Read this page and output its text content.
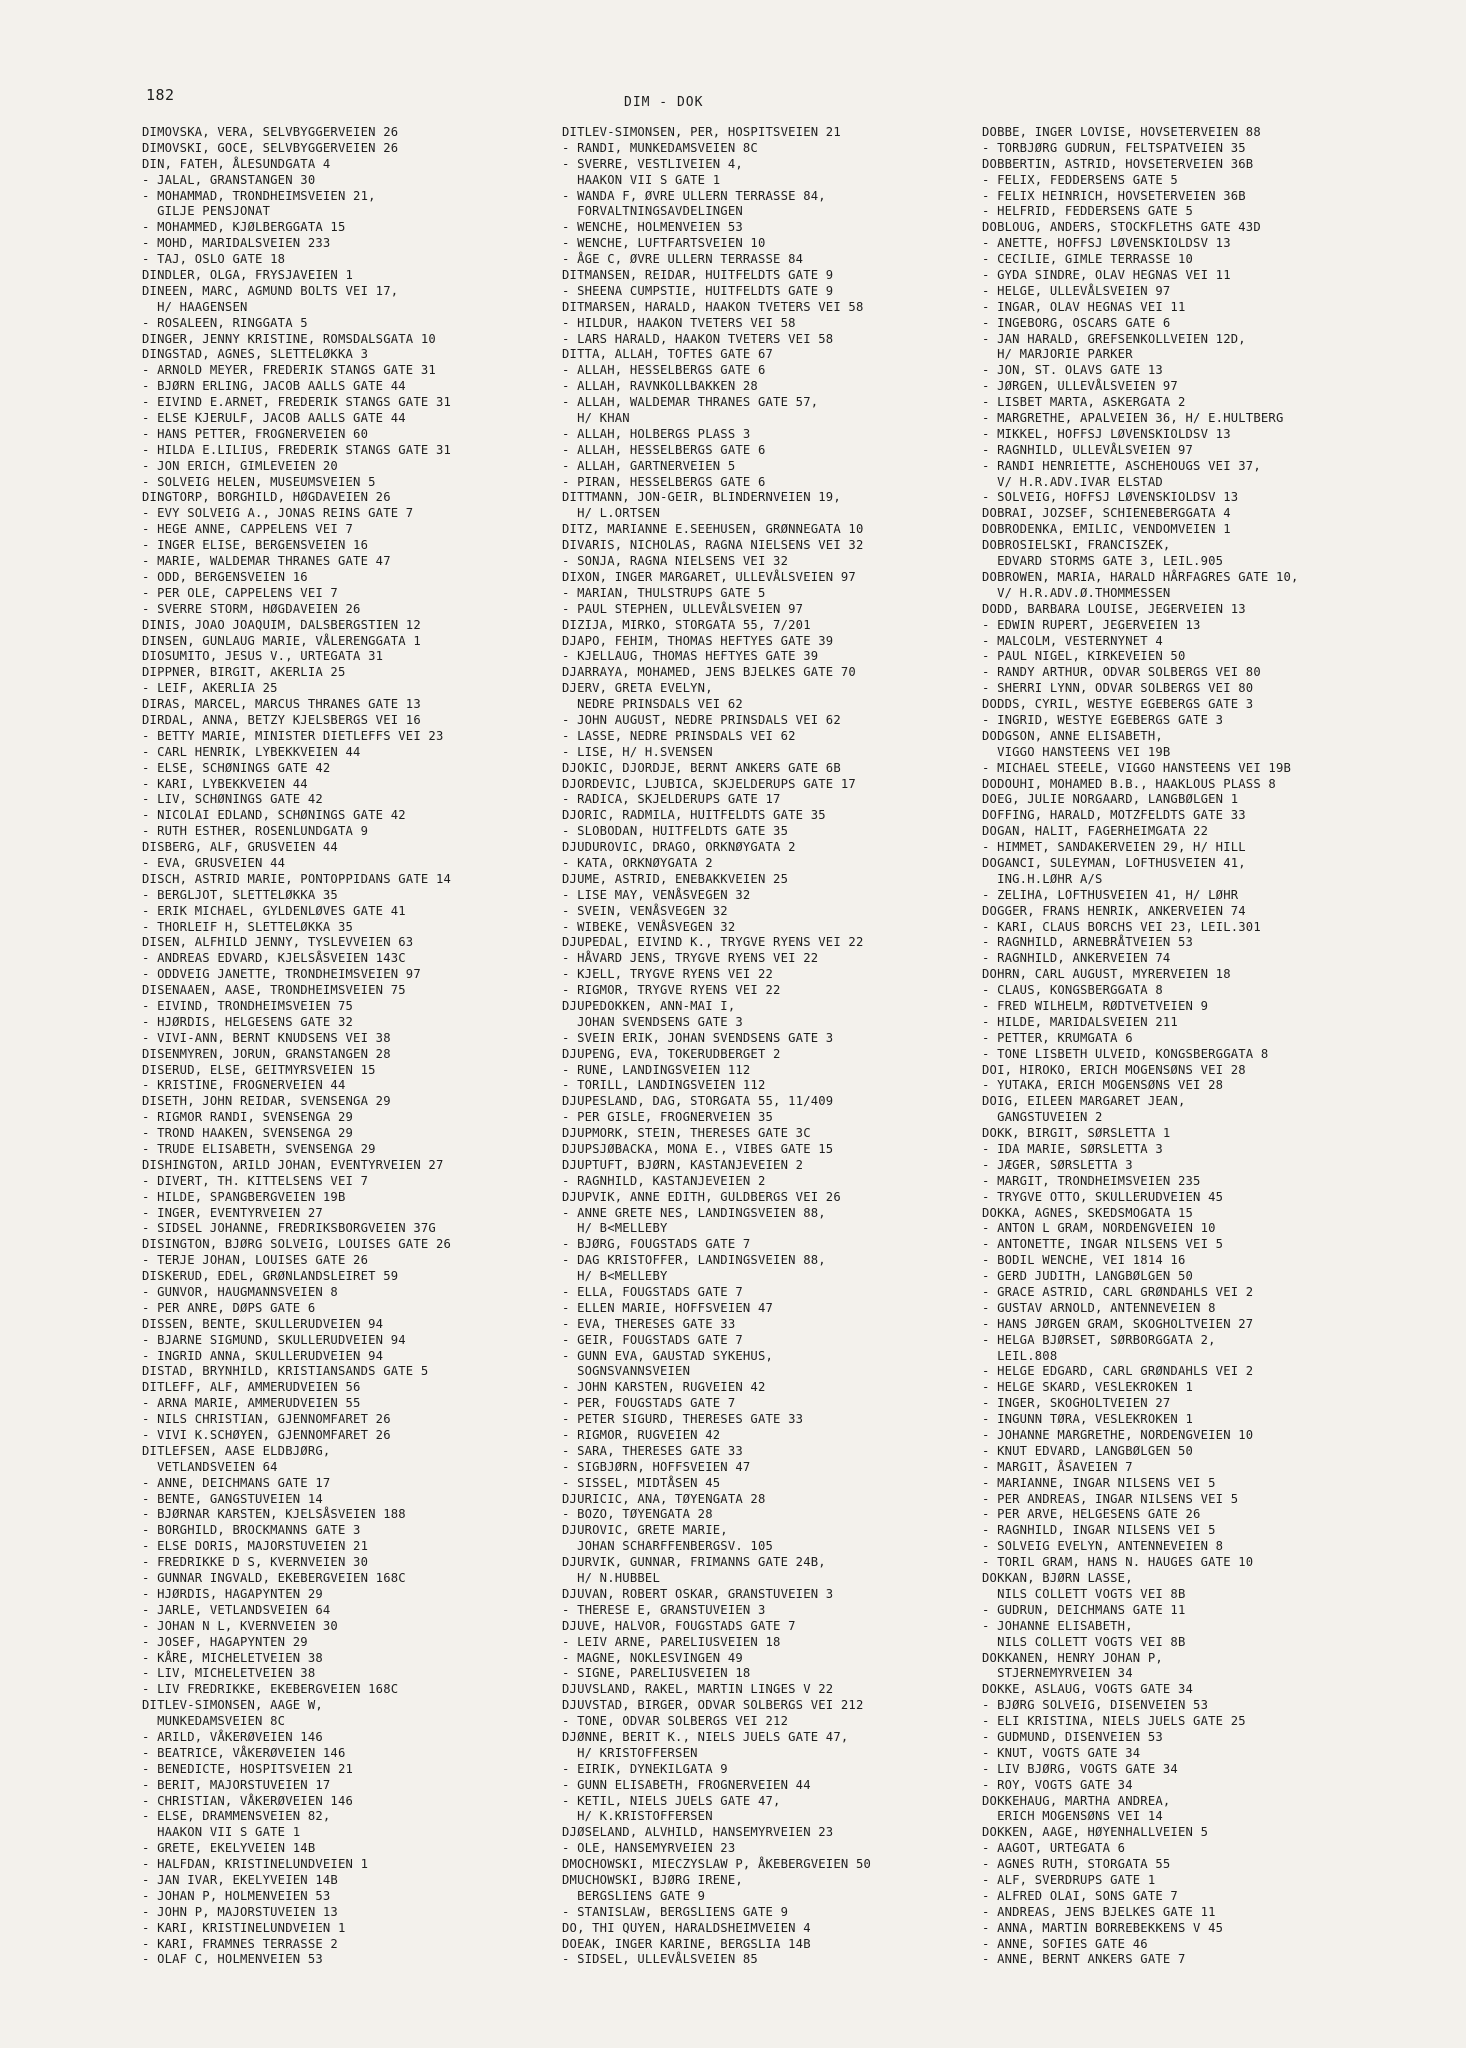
182	DIM - DOK
DIMOVSKA, VERA, SELVBYGGERVEIEN 26
DIMOVSKI, GOCE, SELVBYGGERVEIEN 26
DIN, FATEH, ÅLESUNDGATA 4
- JALAL, GRANSTANGEN 30
- MOHAMMAD, TRONDHEIMSVEIEN 21,
GILJE PENSJONAT
- MOHAMMED, KJØLBERGGATA 15
- MOHD, MARIDALSVEIEN 233
- TAJ, OSLO GATE 18
DINDLER, OLGA, FRYSJAVEIEN 1
DINEEN, MARC, AGMUND BOLTS VEI 17,
H/ HAAGENSEN
- ROSALEEN, RINGGATA 5
DINGER, JENNY KRISTINE, ROMSDALSGATA 10
DINGSTAD, AGNES, SLETTELØKKA 3
- ARNOLD MEYER, FREDERIK STANGS GATE 31
- BJØRN ERLING, JACOB AALLS GATE 44
- EIVIND E.ARNET, FREDERIK STANGS GATE 31
- ELSE KJERULF, JACOB AALLS GATE 44
- HANS PETTER, FROGNERVEIEN 60
- HILDA E.LILIUS, FREDERIK STANGS GATE 31
- JON ERICH, GIMLEVEIEN 20
- SOLVEIG HELEN, MUSEUMSVEIEN 5
DINGTORP, BORGHILD, HØGDAVEIEN 26
- EVY SOLVEIG A., JONAS REINS GATE 7
- HEGE ANNE, CAPPELENS VEI 7
- INGER ELISE, BERGENSVEIEN 16
- MARIE, WALDEMAR THRANES GATE 47
- ODD, BERGENSVEIEN 16
- PER OLE, CAPPELENS VEI 7
- SVERRE STORM, HØGDAVEIEN 26
DINIS, JOAO JOAQUIM, DALSBERGSTIEN 12
DINSEN, GUNLAUG MARIE, VÅLERENGGATA 1
DIOSUMITO, JESUS V., URTEGATA 31
DIPPNER, BIRGIT, AKERLIA 25
- LEIF, AKERLIA 25
DIRAS, MARCEL, MARCUS THRANES GATE 13
DIRDAL, ANNA, BETZY KJELSBERGS VEI 16
- BETTY MARIE, MINISTER DIETLEFFS VEI 23
- CARL HENRIK, LYBEKKVEIEN 44
- ELSE, SCHØNINGS GATE 42
- KARI, LYBEKKVEIEN 44
- LIV, SCHØNINGS GATE 42
- NICOLAI EDLAND, SCHØNINGS GATE 42
- RUTH ESTHER, ROSENLUNDGATA 9
DISBERG, ALF, GRUSVEIEN 44
- EVA, GRUSVEIEN 44
DISCH, ASTRID MARIE, PONTOPPIDANS GATE 14
- BERGLJOT, SLETTELØKKA 35
- ERIK MICHAEL, GYLDENLØVES GATE 41
- THORLEIF H, SLETTELØKKA 35
DISEN, ALFHILD JENNY, TYSLEVVEIEN 63
- ANDREAS EDVARD, KJELSÅSVEIEN 143C
- ODDVEIG JANETTE, TRONDHEIMSVEIEN 97
DISENAAEN, AASE, TRONDHEIMSVEIEN 75
- EIVIND, TRONDHEIMSVEIEN 75
- HJØRDIS, HELGESENS GATE 32
- VIVI-ANN, BERNT KNUDSENS VEI 38
DISENMYREN, JORUN, GRANSTANGEN 28
DISERUD, ELSE, GEITMYRSVEIEN 15
- KRISTINE, FROGNERVEIEN 44
DISETH, JOHN REIDAR, SVENSENGA 29
- RIGMOR RANDI, SVENSENGA 29
- TROND HAAKEN, SVENSENGA 29
- TRUDE ELISABETH, SVENSENGA 29
DISHINGTON, ARILD JOHAN, EVENTYRVEIEN 27
- DIVERT, TH. KITTELSENS VEI 7
- HILDE, SPANGBERGVEIEN 19B
- INGER, EVENTYRVEIEN 27
- SIDSEL JOHANNE, FREDRIKSBORGVEIEN 37G
DISINGTON, BJØRG SOLVEIG, LOUISES GATE 26
- TERJE JOHAN, LOUISES GATE 26
DISKERUD, EDEL, GRØNLANDSLEIRET 59
- GUNVOR, HAUGMANNSVEIEN 8
- PER ANRE, DØPS GATE 6
DISSEN, BENTE, SKULLERUDVEIEN 94
- BJARNE SIGMUND, SKULLERUDVEIEN 94
- INGRID ANNA, SKULLERUDVEIEN 94
DISTAD, BRYNHILD, KRISTIANSANDS GATE 5
DITLEFF, ALF, AMMERUDVEIEN 56
- ARNA MARIE, AMMERUDVEIEN 55
- NILS CHRISTIAN, GJENNOMFARET 26
- VIVI K.SCHØYEN, GJENNOMFARET 26
DITLEFSEN, AASE ELDBJØRG,
VETLANDSVEIEN 64
- ANNE, DEICHMANS GATE 17
- BENTE, GANGSTUVEIEN 14
- BJØRNAR KARSTEN, KJELSÅSVEIEN 188
- BORGHILD, BROCKMANNS GATE 3
- ELSE DORIS, MAJORSTUVEIEN 21
- FREDRIKKE D S, KVERNVEIEN 30
- GUNNAR INGVALD, EKEBERGVEIEN 168C
- HJØRDIS, HAGAPYNTEN 29
- JARLE, VETLANDSVEIEN 64
- JOHAN N L, KVERNVEIEN 30
- JOSEF, HAGAPYNTEN 29
- KÅRE, MICHELETVEIEN 38
- LIV, MICHELETVEIEN 38
- LIV FREDRIKKE, EKEBERGVEIEN 168C
DITLEV-SIMONSEN, AAGE W,
MUNKEDAMSVEIEN 8C
- ARILD, VÅKERØVEIEN 146
- BEATRICE, VÅKERØVEIEN 146
- BENEDICTE, HOSPITSVEIEN 21
- BERIT, MAJORSTUVEIEN 17
- CHRISTIAN, VÅKERØVEIEN 146
- ELSE, DRAMMENSVEIEN 82,
HAAKON VII S GATE 1
- GRETE, EKELYVEIEN 14B
- HALFDAN, KRISTINELUNDVEIEN 1
- JAN IVAR, EKELYVEIEN 14B
- JOHAN P, HOLMENVEIEN 53
- JOHN P, MAJORSTUVEIEN 13
- KARI, KRISTINELUNDVEIEN 1
- KARI, FRAMNES TERRASSE 2
- OLAF C, HOLMENVEIEN 53
DITLEV-SIMONSEN, PER, HOSPITSVEIEN 21
- RANDI, MUNKEDAMSVEIEN 8C
- SVERRE, VESTLIVEIEN 4,
HAAKON VII S GATE 1
- WANDA F, ØVRE ULLERN TERRASSE 84,
FORVALTNINGSAVDELINGEN
- WENCHE, HOLMENVEIEN 53
- WENCHE, LUFTFARTSVEIEN 10
- ÅGE C, ØVRE ULLERN TERRASSE 84
DITMANSEN, REIDAR, HUITFELDTS GATE 9
- SHEENA CUMPSTIE, HUITFELDTS GATE 9
DITMARSEN, HARALD, HAAKON TVETERS VEI 58
- HILDUR, HAAKON TVETERS VEI 58
- LARS HARALD, HAAKON TVETERS VEI 58
DITTA, ALLAH, TOFTES GATE 67
- ALLAH, HESSELBERGS GATE 6
- ALLAH, RAVNKOLLBAKKEN 28
- ALLAH, WALDEMAR THRANES GATE 57,
H/ KHAN
- ALLAH, HOLBERGS PLASS 3
- ALLAH, HESSELBERGS GATE 6
- ALLAH, GARTNERVEIEN 5
- PIRAN, HESSELBERGS GATE 6
DITTMANN, JON-GEIR, BLINDERNVEIEN 19,
H/ L.ORTSEN
DITZ, MARIANNE E.SEEHUSEN, GRØNNEGATA 10
DIVARIS, NICHOLAS, RAGNA NIELSENS VEI 32
- SONJA, RAGNA NIELSENS VEI 32
DIXON, INGER MARGARET, ULLEVÅLSVEIEN 97
- MARIAN, THULSTRUPS GATE 5
- PAUL STEPHEN, ULLEVÅLSVEIEN 97
DIZIJA, MIRKO, STORGATA 55, 7/201
DJAPO, FEHIM, THOMAS HEFTYES GATE 39
- KJELLAUG, THOMAS HEFTYES GATE 39
DJARRAYA, MOHAMED, JENS BJELKES GATE 70
DJERV, GRETA EVELYN,
NEDRE PRINSDALS VEI 62
- JOHN AUGUST, NEDRE PRINSDALS VEI 62
- LASSE, NEDRE PRINSDALS VEI 62
- LISE, H/ H.SVENSEN
DJOKIC, DJORDJE, BERNT ANKERS GATE 6B
DJORDEVIC, LJUBICA, SKJELDERUPS GATE 17
- RADICA, SKJELDERUPS GATE 17
DJORIC, RADMILA, HUITFELDTS GATE 35
- SLOBODAN, HUITFELDTS GATE 35
DJUDUROVIC, DRAGO, ORKNØYGATA 2
- KATA, ORKNØYGATA 2
DJUME, ASTRID, ENEBAKKVEIEN 25
- LISE MAY, VENÅSVEGEN 32
- SVEIN, VENÅSVEGEN 32
- WIBEKE, VENÅSVEGEN 32
DJUPEDAL, EIVIND K., TRYGVE RYENS VEI 22
- HÅVARD JENS, TRYGVE RYENS VEI 22
- KJELL, TRYGVE RYENS VEI 22
- RIGMOR, TRYGVE RYENS VEI 22
DJUPEDOKKEN, ANN-MAI I,
JOHAN SVENDSENS GATE 3
- SVEIN ERIK, JOHAN SVENDSENS GATE 3
DJUPENG, EVA, TOKERUDBERGET 2
- RUNE, LANDINGSVEIEN 112
- TORILL, LANDINGSVEIEN 112
DJUPESLAND, DAG, STORGATA 55, 11/409
- PER GISLE, FROGNERVEIEN 35
DJUPMORK, STEIN, THERESES GATE 3C
DJUPSJØBACKA, MONA E., VIBES GATE 15
DJUPTUFT, BJØRN, KASTANJEVEIEN 2
- RAGNHILD, KASTANJEVEIEN 2
DJUPVIK, ANNE EDITH, GULDBERGS VEI 26
- ANNE GRETE NES, LANDINGSVEIEN 88,
H/ B<MELLEBY
- BJØRG, FOUGSTADS GATE 7
- DAG KRISTOFFER, LANDINGSVEIEN 88,
H/ B<MELLEBY
- ELLA, FOUGSTADS GATE 7
- ELLEN MARIE, HOFFSVEIEN 47
- EVA, THERESES GATE 33
- GEIR, FOUGSTADS GATE 7
- GUNN EVA, GAUSTAD SYKEHUS,
SOGNSVANNSVEIEN
- JOHN KARSTEN, RUGVEIEN 42
- PER, FOUGSTADS GATE 7
- PETER SIGURD, THERESES GATE 33
- RIGMOR, RUGVEIEN 42
- SARA, THERESES GATE 33
- SIGBJØRN, HOFFSVEIEN 47
- SISSEL, MIDTÅSEN 45
DJURICIC, ANA, TØYENGATA 28
- BOZO, TØYENGATA 28
DJUROVIC, GRETE MARIE,
JOHAN SCHARFFENBERGSV. 105
DJURVIK, GUNNAR, FRIMANNS GATE 24B,
H/ N.HUBBEL
DJUVAN, ROBERT OSKAR, GRANSTUVEIEN 3
- THERESE E, GRANSTUVEIEN 3
DJUVE, HALVOR, FOUGSTADS GATE 7
- LEIV ARNE, PARELIUSVEIEN 18
- MAGNE, NOKLESVINGEN 49
- SIGNE, PARELIUSVEIEN 18
DJUVSLAND, RAKEL, MARTIN LINGES V 22
DJUVSTAD, BIRGER, ODVAR SOLBERGS VEI 212
- TONE, ODVAR SOLBERGS VEI 212
DJØNNE, BERIT K., NIELS JUELS GATE 47,
H/ KRISTOFFERSEN
- EIRIK, DYNEKILGATA 9
- GUNN ELISABETH, FROGNERVEIEN 44
- KETIL, NIELS JUELS GATE 47,
H/ K.KRISTOFFERSEN
DJØSELAND, ALVHILD, HANSEMYRVEIEN 23
- OLE, HANSEMYRVEIEN 23
DMOCHOWSKI, MIECZYSLAW P, ÅKEBERGVEIEN 50
DMUCHOWSKI, BJØRG IRENE,
BERGSLIENS GATE 9
- STANISLAW, BERGSLIENS GATE 9
DO, THI QUYEN, HARALDSHEIMVEIEN 4
DOEAK, INGER KARINE, BERGSLIA 14B
- SIDSEL, ULLEVÅLSVEIEN 85
DOBBE, INGER LOVISE, HOVSETERVEIEN 88
- TORBJØRG GUDRUN, FELTSPATVEIEN 35
DOBBERTIN, ASTRID, HOVSETERVEIEN 36B
- FELIX, FEDDERSENS GATE 5
- FELIX HEINRICH, HOVSETERVEIEN 36B
- HELFRID, FEDDERSENS GATE 5
DOBLOUG, ANDERS, STOCKFLETHS GATE 43D
- ANETTE, HOFFSJ LØVENSKIOLDSV 13
- CECILIE, GIMLE TERRASSE 10
- GYDA SINDRE, OLAV HEGNAS VEI 11
- HELGE, ULLEVÅLSVEIEN 97
- INGAR, OLAV HEGNAS VEI 11
- INGEBORG, OSCARS GATE 6
- JAN HARALD, GREFSENKOLLVEIEN 12D,
H/ MARJORIE PARKER
- JON, ST. OLAVS GATE 13
- JØRGEN, ULLEVÅLSVEIEN 97
- LISBET MARTA, ASKERGATA 2
- MARGRETHE, APALVEIEN 36, H/ E.HULTBERG
- MIKKEL, HOFFSJ LØVENSKIOLDSV 13
- RAGNHILD, ULLEVÅLSVEIEN 97
- RANDI HENRIETTE, ASCHEHOUGS VEI 37,
V/ H.R.ADV.IVAR ELSTAD
- SOLVEIG, HOFFSJ LØVENSKIOLDSV 13
DOBRAI, JOZSEF, SCHIENEBERGGATA 4
DOBRODENKA, EMILIC, VENDOMVEIEN 1
DOBROSIELSKI, FRANCISZEK,
EDVARD STORMS GATE 3, LEIL.905
DOBROWEN, MARIA, HARALD HÅRFAGRES GATE 10,
V/ H.R.ADV.Ø.THOMMESSEN
DODD, BARBARA LOUISE, JEGERVEIEN 13
- EDWIN RUPERT, JEGERVEIEN 13
- MALCOLM, VESTERNYNET 4
- PAUL NIGEL, KIRKEVEIEN 50
- RANDY ARTHUR, ODVAR SOLBERGS VEI 80
- SHERRI LYNN, ODVAR SOLBERGS VEI 80
DODDS, CYRIL, WESTYE EGEBERGS GATE 3
- INGRID, WESTYE EGEBERGS GATE 3
DODGSON, ANNE ELISABETH,
VIGGO HANSTEENS VEI 19B
- MICHAEL STEELE, VIGGO HANSTEENS VEI 19B
DODOUHI, MOHAMED B.B., HAAKLOUS PLASS 8
DOEG, JULIE NORGAARD, LANGBØLGEN 1
DOFFING, HARALD, MOTZFELDTS GATE 33
DOGAN, HALIT, FAGERHEIMGATA 22
- HIMMET, SANDAKERVEIEN 29, H/ HILL
DOGANCI, SULEYMAN, LOFTHUSVEIEN 41,
ING.H.LØHR A/S
- ZELIHA, LOFTHUSVEIEN 41, H/ LØHR
DOGGER, FRANS HENRIK, ANKERVEIEN 74
- KARI, CLAUS BORCHS VEI 23, LEIL.301
- RAGNHILD, ARNEBRÅTVEIEN 53
- RAGNHILD, ANKERVEIEN 74
DOHRN, CARL AUGUST, MYRERVEIEN 18
- CLAUS, KONGSBERGGATA 8
- FRED WILHELM, RØDTVETVEIEN 9
- HILDE, MARIDALSVEIEN 211
- PETTER, KRUMGATA 6
- TONE LISBETH ULVEID, KONGSBERGGATA 8
DOI, HIROKO, ERICH MOGENSØNS VEI 28
- YUTAKA, ERICH MOGENSØNS VEI 28
DOIG, EILEEN MARGARET JEAN,
GANGSTUVEIEN 2
DOKK, BIRGIT, SØRSLETTA 1
- IDA MARIE, SØRSLETTA 3
- JÆGER, SØRSLETTA 3
- MARGIT, TRONDHEIMSVEIEN 235
- TRYGVE OTTO, SKULLERUDVEIEN 45
DOKKA, AGNES, SKEDSMOGATA 15
- ANTON L GRAM, NORDENGVEIEN 10
- ANTONETTE, INGAR NILSENS VEI 5
- BODIL WENCHE, VEI 1814 16
- GERD JUDITH, LANGBØLGEN 50
- GRACE ASTRID, CARL GRØNDAHLS VEI 2
- GUSTAV ARNOLD, ANTENNEVEIEN 8
- HANS JØRGEN GRAM, SKOGHOLTVEIEN 27
- HELGA BJØRSET, SØRBORGGATA 2,
LEIL.808
- HELGE EDGARD, CARL GRØNDAHLS VEI 2
- HELGE SKARD, VESLEKROKEN 1
- INGER, SKOGHOLTVEIEN 27
- INGUNN TØRA, VESLEKROKEN 1
- JOHANNE MARGRETHE, NORDENGVEIEN 10
- KNUT EDVARD, LANGBØLGEN 50
- MARGIT, ÅSAVEIEN 7
- MARIANNE, INGAR NILSENS VEI 5
- PER ANDREAS, INGAR NILSENS VEI 5
- PER ARVE, HELGESENS GATE 26
- RAGNHILD, INGAR NILSENS VEI 5
- SOLVEIG EVELYN, ANTENNEVEIEN 8
- TORIL GRAM, HANS N. HAUGES GATE 10
DOKKAN, BJØRN LASSE,
NILS COLLETT VOGTS VEI 8B
- GUDRUN, DEICHMANS GATE 11
- JOHANNE ELISABETH,
NILS COLLETT VOGTS VEI 8B
DOKKANEN, HENRY JOHAN P,
STJERNEMYRVEIEN 34
DOKKE, ASLAUG, VOGTS GATE 34
- BJØRG SOLVEIG, DISENVEIEN 53
- ELI KRISTINA, NIELS JUELS GATE 25
- GUDMUND, DISENVEIEN 53
- KNUT, VOGTS GATE 34
- LIV BJØRG, VOGTS GATE 34
- ROY, VOGTS GATE 34
DOKKEHAUG, MARTHA ANDREA,
ERICH MOGENSØNS VEI 14
DOKKEN, AAGE, HØYENHALLVEIEN 5
- AAGOT, URTEGATA 6
- AGNES RUTH, STORGATA 55
- ALF, SVERDRUPS GATE 1
- ALFRED OLAI, SONS GATE 7
- ANDREAS, JENS BJELKES GATE 11
- ANNA, MARTIN BORREBEKKENS V 45
- ANNE, SOFIES GATE 46
- ANNE, BERNT ANKERS GATE 7
